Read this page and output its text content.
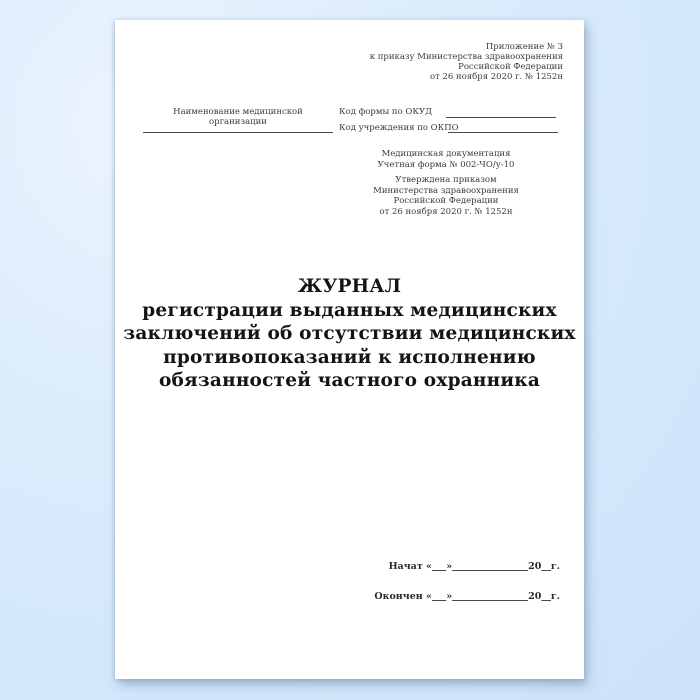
Приложение № 3
к приказу Министерства здравоохранения
Российской Федерации
от 26 ноября 2020 г. № 1252н
Наименование медицинской организации
Код формы по ОКУД
Код учреждения по ОКПО
Медицинская документация
Учетная форма № 002-ЧО/у-10
Утверждена приказом
Министерства здравоохранения
Российской Федерации
от 26 ноября 2020 г. № 1252н
ЖУРНАЛ
регистрации выданных медицинских
заключений об отсутствии медицинских
противопоказаний к исполнению
обязанностей частного охранника
Начат «___»________________20__г.
Окончен «___»________________20__г.
